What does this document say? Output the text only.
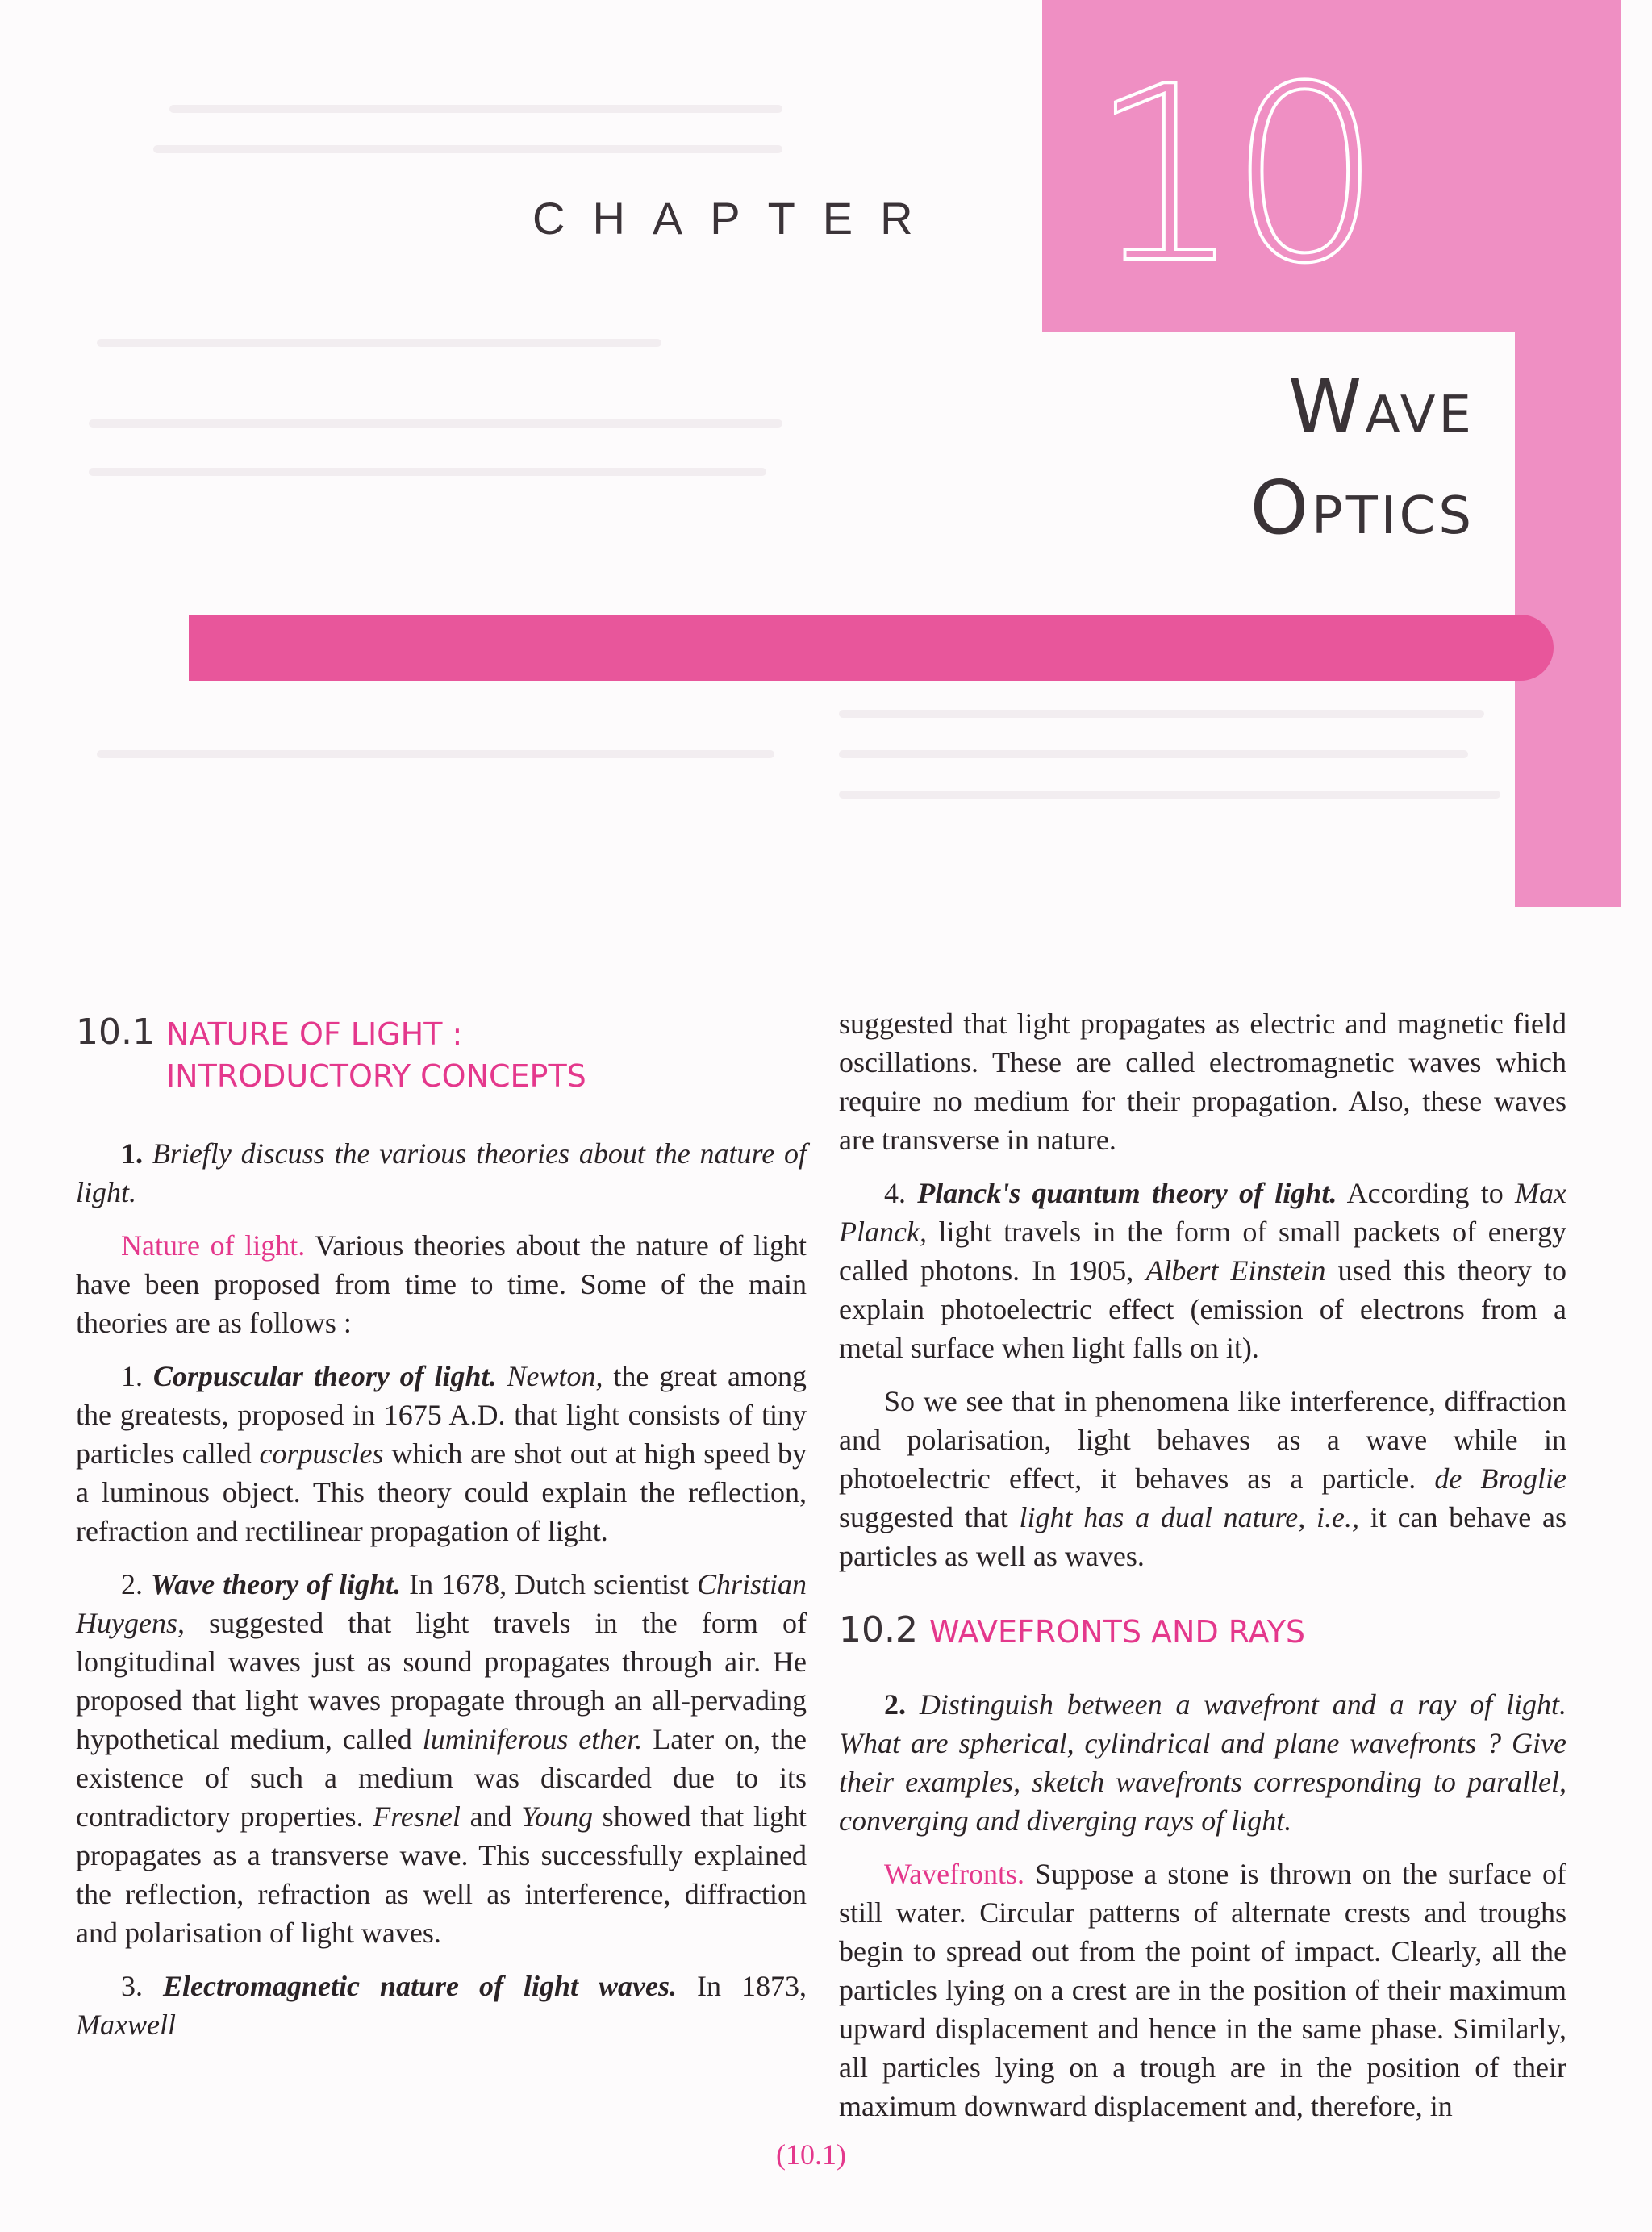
CHAPTER 10
Wave
Optics
10.1 NATURE OF LIGHT :
INTRODUCTORY CONCEPTS

1. Briefly discuss the various theories about the nature of light.

Nature of light. Various theories about the nature of light have been proposed from time to time. Some of the main theories are as follows :

1. Corpuscular theory of light. Newton, the great among the greatests, proposed in 1675 A.D. that light consists of tiny particles called corpuscles which are shot out at high speed by a luminous object. This theory could explain the reflection, refraction and rectilinear propagation of light.

2. Wave theory of light. In 1678, Dutch scientist Christian Huygens, suggested that light travels in the form of longitudinal waves just as sound propagates through air. He proposed that light waves propagate through an all-pervading hypothetical medium, called luminiferous ether. Later on, the existence of such a medium was discarded due to its contradictory properties. Fresnel and Young showed that light propagates as a transverse wave. This successfully explained the reflection, refraction as well as interference, diffraction and polarisation of light waves.

3. Electromagnetic nature of light waves. In 1873, Maxwell

suggested that light propagates as electric and magnetic field oscillations. These are called electromagnetic waves which require no medium for their propagation. Also, these waves are transverse in nature.

4. Planck's quantum theory of light. According to Max Planck, light travels in the form of small packets of energy called photons. In 1905, Albert Einstein used this theory to explain photoelectric effect (emission of electrons from a metal surface when light falls on it).

So we see that in phenomena like interference, diffraction and polarisation, light behaves as a wave while in photoelectric effect, it behaves as a particle. de Broglie suggested that light has a dual nature, i.e., it can behave as particles as well as waves.

10.2 WAVEFRONTS AND RAYS

2. Distinguish between a wavefront and a ray of light. What are spherical, cylindrical and plane wavefronts ? Give their examples, sketch wavefronts corresponding to parallel, converging and diverging rays of light.

Wavefronts. Suppose a stone is thrown on the surface of still water. Circular patterns of alternate crests and troughs begin to spread out from the point of impact. Clearly, all the particles lying on a crest are in the position of their maximum upward displacement and hence in the same phase. Similarly, all particles lying on a trough are in the position of their maximum downward displacement and, therefore, in

(10.1)
